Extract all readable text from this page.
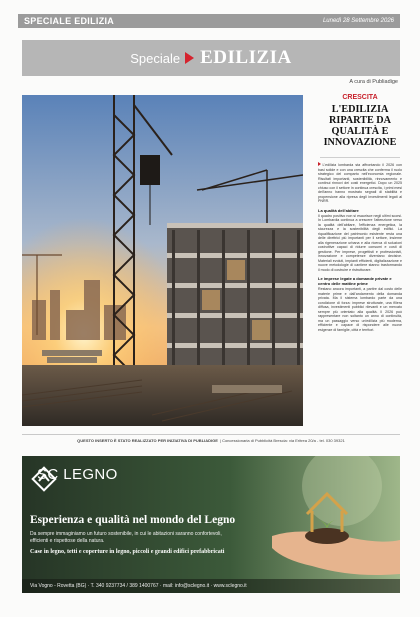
SPECIALE EDILIZIA	Lunedì 28 Settembre 2026
Speciale EDILIZIA
A cura di Publiadige
CRESCITA
L'EDILIZIA RIPARTE DA QUALITÀ E INNOVAZIONE

L'edilizia lombarda sta affrontando il 2026 con basi solide e con una crescita che conferma il ruolo strategico del comparto nell'economia regionale. Risultati importanti, sostenibilità, rinnovamento e continui rinnovi dei costi energetici. Dopo un 2025 chiuso con il settore in continua crescita, i primi mesi dell'anno hanno mostrato segnali di stabilità e propensione alla ripresa degli investimenti legati al PNRR.

La qualità dell'abitare

Il quadro positivo non si esaurisce negli ultimi scorsi. In Lombardia continua a crescere l'attenzione verso la qualità dell'abitare, l'efficienza energetica, la sicurezza e la sostenibilità degli edifici. La riqualificazione del patrimonio esistente resta una delle direttrici più importanti per il settore, insieme alla rigenerazione urbana e alla ricerca di soluzioni costruttive capaci di ridurre consumi e costi di gestione. Per imprese, progettisti e professionisti, innovazione e competenze diventano decisive. Materiali evoluti, impianti efficienti, digitalizzazione e nuove metodologie di cantiere stanno trasformando il modo di costruire e ristrutturare.

Le imprese legate a domande private e centro delle mattine prime

Restano ancora importanti, a partire dal costo delle materie prime e dall'andamento della domanda privata. Ma il sistema lombardo parte da una condizione di forza: imprese strutturate, una filiera diffusa, investimenti pubblici rilevanti e un mercato sempre più orientato alla qualità. Il 2026 può rappresentare non soltanto un anno di continuità, ma un passaggio verso un'edilizia più moderna, efficiente e capace di rispondere alle nuove esigenze di famiglie, città e territori.

QUESTO INSERTO È STATO REALIZZATO PER INIZIATIVA DI PUBLIADIGE | Concessionaria di Pubblicità Brescia: via Eritrea 20/a - tel. 030 39321
SC LEGNO
Esperienza e qualità nel mondo del Legno
Da sempre immaginiamo un futuro sostenibile, in cui le abitazioni saranno confortevoli, efficienti e rispettose della natura.
Case in legno, tetti e coperture in legno, piccoli e grandi edifici prefabbricati
Via Vogno - Rovetta (BG) · T. 340 9237734 / 389 1400767 · mail: info@sclegno.it · www.sclegno.it
